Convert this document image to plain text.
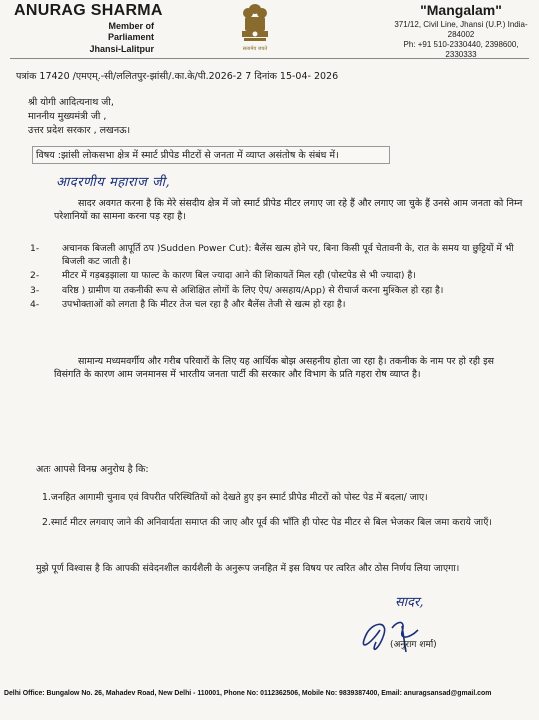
ANURAG SHARMA
Member of Parliament
Jhansi-Lalitpur	सत्यमेव जयते
"Mangalam"
371/12, Civil Line, Jhansi (U.P.) India-284002
Ph: +91 510-2330440, 2398600, 2330333
पत्रांक 17420 /एमएम्.-सी/ललितपुर-झांसी/.का.के/पी.2026-2 7 दिनांक 15-04- 2026
श्री योगी आदित्यनाथ जी,
माननीय मुख्यमंत्री जी ,
उत्तर प्रदेश सरकार , लखनऊ।
विषय :झांसी लोकसभा क्षेत्र में स्मार्ट प्रीपेड मीटरों से जनता में व्याप्त असंतोष के संबंध में।
आदरणीय महाराज जी,
सादर अवगत करना है कि मेरे संसदीय क्षेत्र में जो स्मार्ट प्रीपेड मीटर लगाए जा रहे हैं और लगाए जा चुके हैं उनसे आम जनता को निम्न परेशानियों का सामना करना पड़ रहा है।
1- अचानक बिजली आपूर्ति ठप )Sudden Power Cut): बैलेंस खत्म होने पर, बिना किसी पूर्व चेतावनी के, रात के समय या छुट्टियों में भी बिजली कट जाती है।
2- मीटर में गड़बड़झाला या फाल्ट के कारण बिल ज्यादा आने की शिकायतें मिल रही (पोस्टपेड से भी ज्यादा) है।
3- वरिष्ठ ) ग्रामीण या तकनीकी रूप से अशिक्षित लोगों के लिए ऐप/ असहाय/App) से रीचार्ज करना मुश्किल हो रहा है।
4- उपभोक्ताओं को लगता है कि मीटर तेज चल रहा है और बैलेंस तेजी से खत्म हो रहा है।
सामान्य मध्यमवर्गीय और गरीब परिवारों के लिए यह आर्थिक बोझ असहनीय होता जा रहा है। तकनीक के नाम पर हो रही इस विसंगति के कारण आम जनमानस में भारतीय जनता पार्टी की सरकार और विभाग के प्रति गहरा रोष व्याप्त है।
अतः आपसे विनम्र अनुरोध है कि:
1.जनहित आगामी चुनाव एवं विपरीत परिस्थितियों को देखते हुए इन स्मार्ट प्रीपेड मीटरों को पोस्ट पेड में बदला/ जाए।
2.स्मार्ट मीटर लगवाए जाने की अनिवार्यता समाप्त की जाए और पूर्व की भाँति ही पोस्ट पेड मीटर से बिल भेजकर बिल जमा कराये जाएँ।
मुझे पूर्ण विश्वास है कि आपकी संवेदनशील कार्यशैली के अनुरूप जनहित में इस विषय पर त्वरित और ठोस निर्णय लिया जाएगा।
सादर,
(अनुराग शर्मा)
Delhi Office: Bungalow No. 26, Mahadev Road, New Delhi - 110001, Phone No: 0112362506, Mobile No: 9839387400, Email: anuragsansad@gmail.com
